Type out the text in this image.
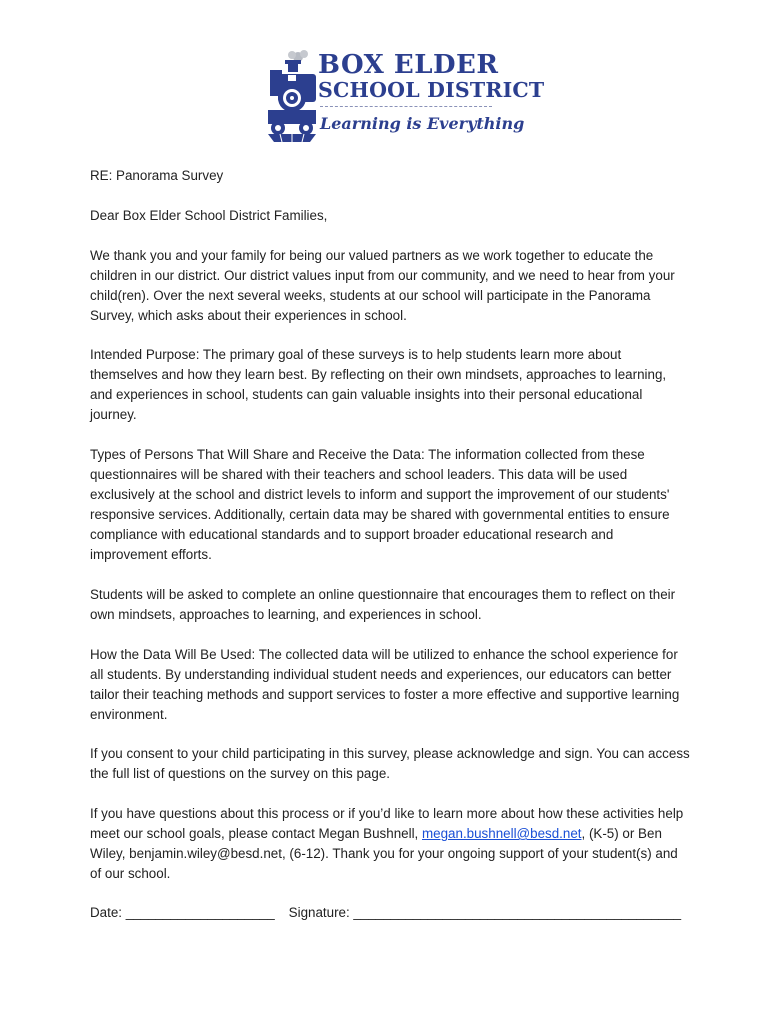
BOX ELDER
SCHOOL DISTRICT
Learning is Everything

RE: Panorama Survey

Dear Box Elder School District Families,

We thank you and your family for being our valued partners as we work together to educate the children in our district. Our district values input from our community, and we need to hear from your child(ren). Over the next several weeks, students at our school will participate in the Panorama Survey, which asks about their experiences in school.

Intended Purpose: The primary goal of these surveys is to help students learn more about themselves and how they learn best. By reflecting on their own mindsets, approaches to learning, and experiences in school, students can gain valuable insights into their personal educational journey.

Types of Persons That Will Share and Receive the Data: The information collected from these questionnaires will be shared with their teachers and school leaders. This data will be used exclusively at the school and district levels to inform and support the improvement of our students' responsive services. Additionally, certain data may be shared with governmental entities to ensure compliance with educational standards and to support broader educational research and improvement efforts.

Students will be asked to complete an online questionnaire that encourages them to reflect on their own mindsets, approaches to learning, and experiences in school.

How the Data Will Be Used: The collected data will be utilized to enhance the school experience for all students. By understanding individual student needs and experiences, our educators can better tailor their teaching methods and support services to foster a more effective and supportive learning environment.

If you consent to your child participating in this survey, please acknowledge and sign. You can access the full list of questions on the survey on this page.

If you have questions about this process or if you’d like to learn more about how these activities help meet our school goals, please contact Megan Bushnell, megan.bushnell@besd.net, (K-5) or Ben Wiley, benjamin.wiley@besd.net, (6-12). Thank you for your ongoing support of your student(s) and of our school.

Date: ____________________ Signature: ____________________________________________
